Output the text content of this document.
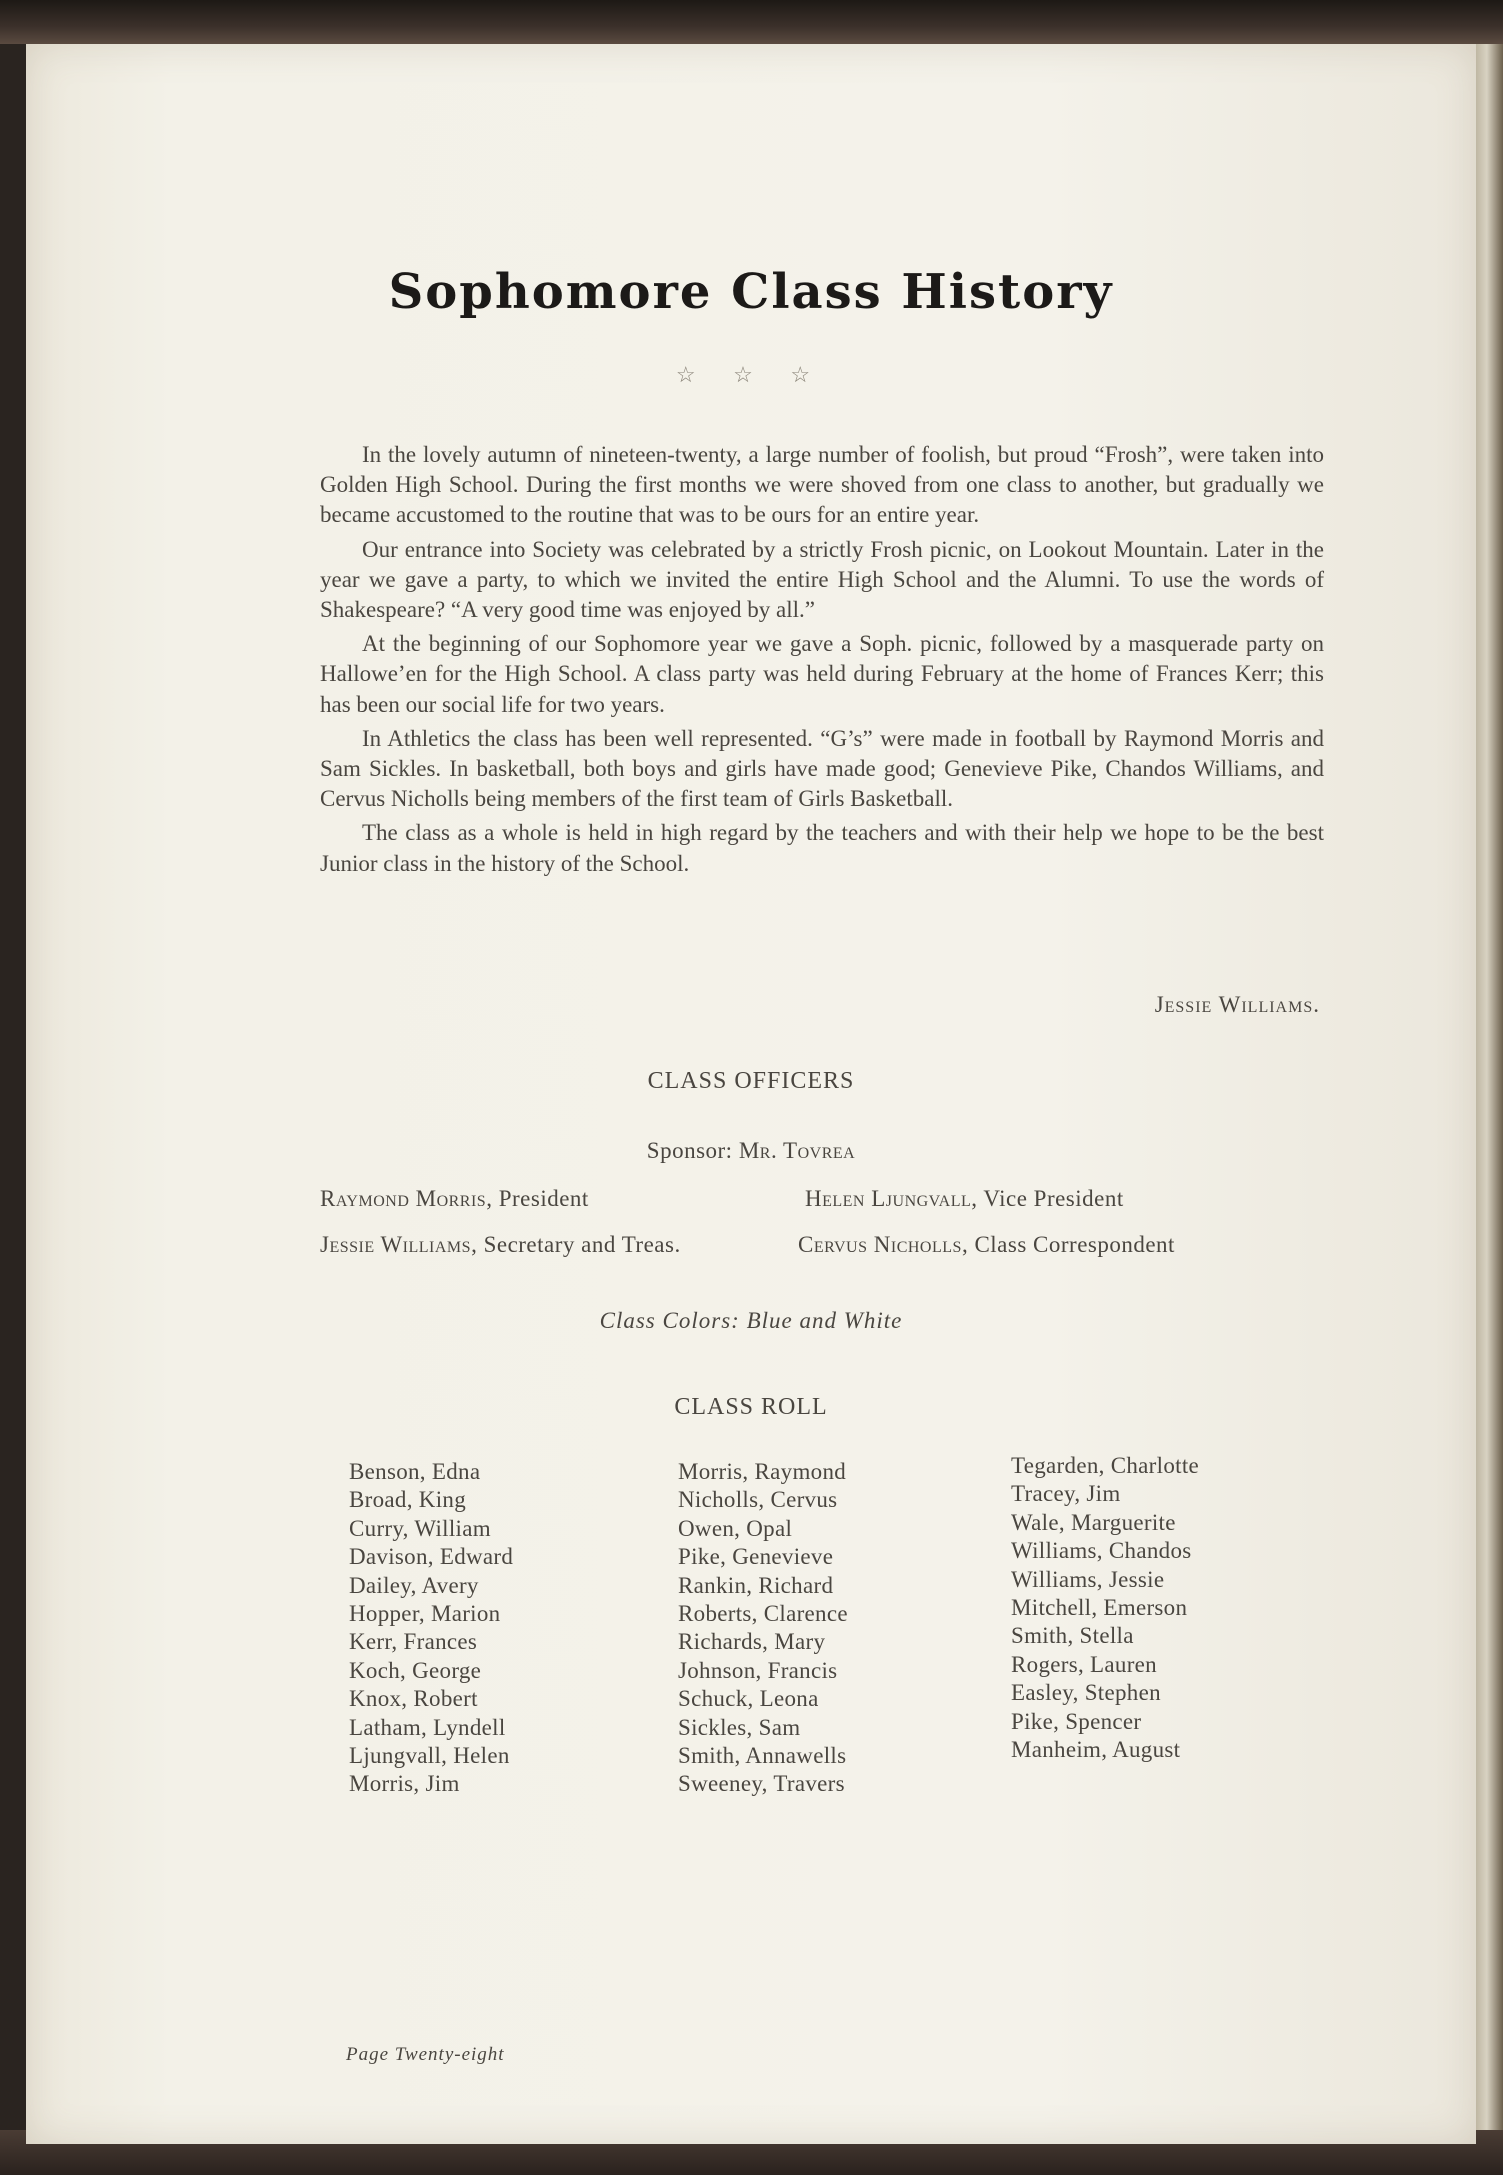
Sophomore Class History
☆ ☆ ☆

In the lovely autumn of nineteen-twenty, a large number of foolish, but proud “Frosh”, were taken into Golden High School. During the first months we were shoved from one class to another, but gradually we became accustomed to the routine that was to be ours for an entire year.

Our entrance into Society was celebrated by a strictly Frosh picnic, on Lookout Mountain. Later in the year we gave a party, to which we invited the entire High School and the Alumni. To use the words of Shakespeare? “A very good time was enjoyed by all.”

At the beginning of our Sophomore year we gave a Soph. picnic, followed by a masquerade party on Hallowe’en for the High School. A class party was held during February at the home of Frances Kerr; this has been our social life for two years.

In Athletics the class has been well represented. “G’s” were made in football by Raymond Morris and Sam Sickles. In basketball, both boys and girls have made good; Genevieve Pike, Chandos Williams, and Cervus Nicholls being members of the first team of Girls Basketball.

The class as a whole is held in high regard by the teachers and with their help we hope to be the best Junior class in the history of the School.

Jessie Williams.
CLASS OFFICERS
Sponsor: Mr. Tovrea
Raymond Morris, President	Helen Ljungvall, Vice President
Jessie Williams, Secretary and Treas.	Cervus Nicholls, Class Correspondent
Class Colors: Blue and White
CLASS ROLL
Benson, Edna
Broad, King
Curry, William
Davison, Edward
Dailey, Avery
Hopper, Marion
Kerr, Frances
Koch, George
Knox, Robert
Latham, Lyndell
Ljungvall, Helen
Morris, Jim
Morris, Raymond
Nicholls, Cervus
Owen, Opal
Pike, Genevieve
Rankin, Richard
Roberts, Clarence
Richards, Mary
Johnson, Francis
Schuck, Leona
Sickles, Sam
Smith, Annawells
Sweeney, Travers
Tegarden, Charlotte
Tracey, Jim
Wale, Marguerite
Williams, Chandos
Williams, Jessie
Mitchell, Emerson
Smith, Stella
Rogers, Lauren
Easley, Stephen
Pike, Spencer
Manheim, August
Page Twenty-eight
